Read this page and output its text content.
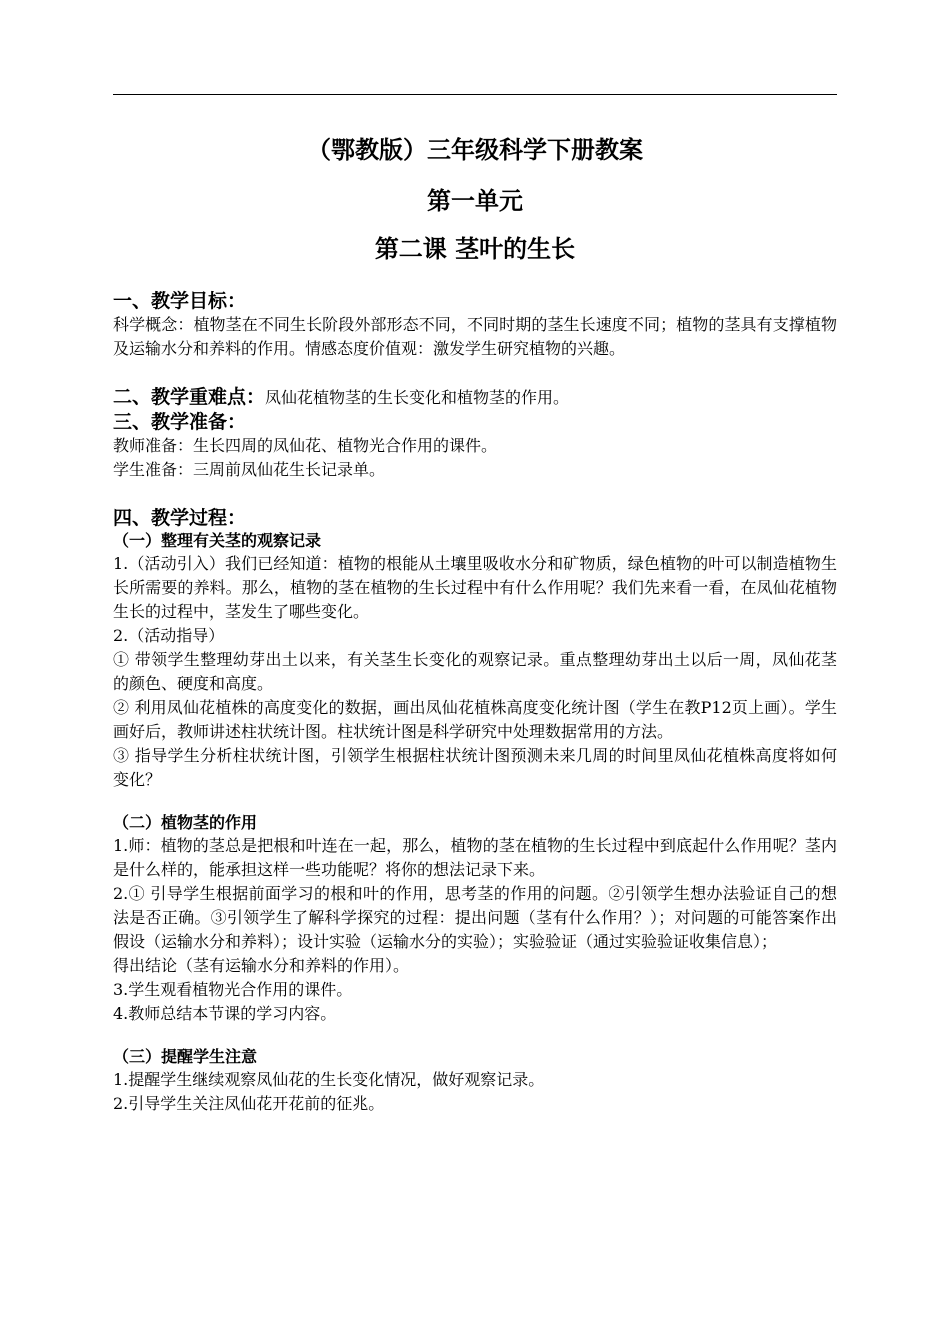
（鄂教版）三年级科学下册教案
第一单元
第二课 茎叶的生长
一、教学目标：

科学概念：植物茎在不同生长阶段外部形态不同，不同时期的茎生长速度不同；植物的茎具有支撑植物及运输水分和养料的作用。情感态度价值观：激发学生研究植物的兴趣。

二、教学重难点：凤仙花植物茎的生长变化和植物茎的作用。

三、教学准备：

教师准备：生长四周的凤仙花、植物光合作用的课件。

学生准备：三周前凤仙花生长记录单。

四、教学过程：
（一）整理有关茎的观察记录

1.（活动引入）我们已经知道：植物的根能从土壤里吸收水分和矿物质，绿色植物的叶可以制造植物生长所需要的养料。那么，植物的茎在植物的生长过程中有什么作用呢？我们先来看一看，在凤仙花植物生长的过程中，茎发生了哪些变化。

2.（活动指导）

① 带领学生整理幼芽出土以来，有关茎生长变化的观察记录。重点整理幼芽出土以后一周，凤仙花茎的颜色、硬度和高度。

② 利用凤仙花植株的高度变化的数据，画出凤仙花植株高度变化统计图（学生在教P12页上画）。学生画好后，教师讲述柱状统计图。柱状统计图是科学研究中处理数据常用的方法。

③ 指导学生分析柱状统计图，引领学生根据柱状统计图预测未来几周的时间里凤仙花植株高度将如何变化？

（二）植物茎的作用

1.师：植物的茎总是把根和叶连在一起，那么，植物的茎在植物的生长过程中到底起什么作用呢？茎内是什么样的，能承担这样一些功能呢？将你的想法记录下来。

2.① 引导学生根据前面学习的根和叶的作用，思考茎的作用的问题。②引领学生想办法验证自己的想法是否正确。③引领学生了解科学探究的过程：提出问题（茎有什么作用？）；对问题的可能答案作出假设（运输水分和养料）；设计实验（运输水分的实验）；实验验证（通过实验验证收集信息）；

得出结论（茎有运输水分和养料的作用）。

3.学生观看植物光合作用的课件。

4.教师总结本节课的学习内容。

（三）提醒学生注意

1.提醒学生继续观察凤仙花的生长变化情况，做好观察记录。

2.引导学生关注凤仙花开花前的征兆。
